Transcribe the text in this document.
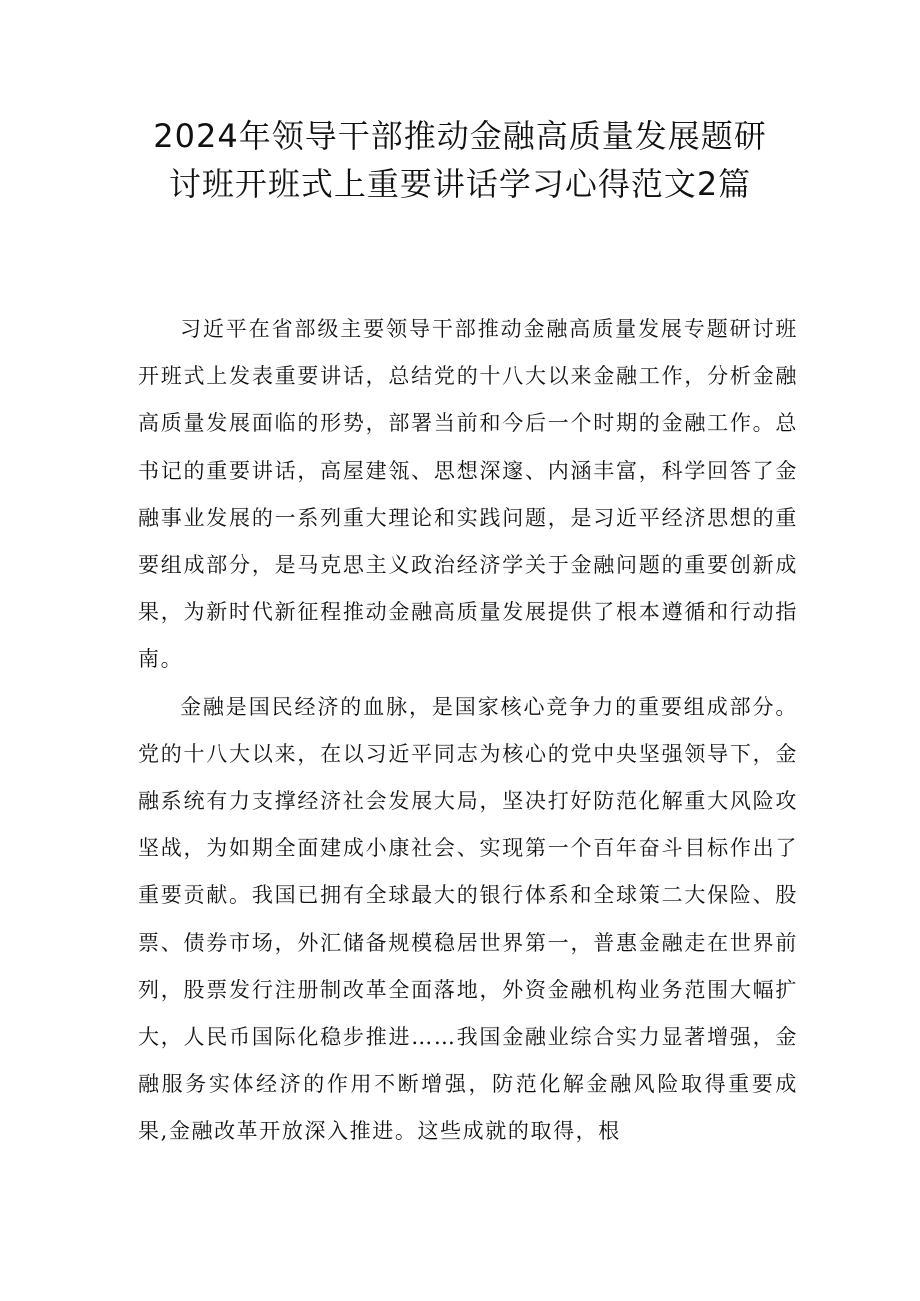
2024年领导干部推动金融高质量发展题研
讨班开班式上重要讲话学习心得范文2篇

习近平在省部级主要领导干部推动金融高质量发展专题研讨班开班式上发表重要讲话，总结党的十八大以来金融工作，分析金融高质量发展面临的形势，部署当前和今后一个时期的金融工作。总书记的重要讲话，高屋建瓴、思想深邃、内涵丰富，科学回答了金融事业发展的一系列重大理论和实践问题，是习近平经济思想的重要组成部分，是马克思主义政治经济学关于金融问题的重要创新成果，为新时代新征程推动金融高质量发展提供了根本遵循和行动指南。

金融是国民经济的血脉，是国家核心竞争力的重要组成部分。党的十八大以来，在以习近平同志为核心的党中央坚强领导下，金融系统有力支撑经济社会发展大局，坚决打好防范化解重大风险攻坚战，为如期全面建成小康社会、实现第一个百年奋斗目标作出了重要贡献。我国已拥有全球最大的银行体系和全球策二大保险、股票、债券市场，外汇储备规模稳居世界第一，普惠金融走在世界前列，股票发行注册制改革全面落地，外资金融机构业务范围大幅扩大，人民币国际化稳步推进……我国金融业综合实力显著增强，金融服务实体经济的作用不断增强，防范化解金融风险取得重要成果,金融改革开放深入推进。这些成就的取得，根
